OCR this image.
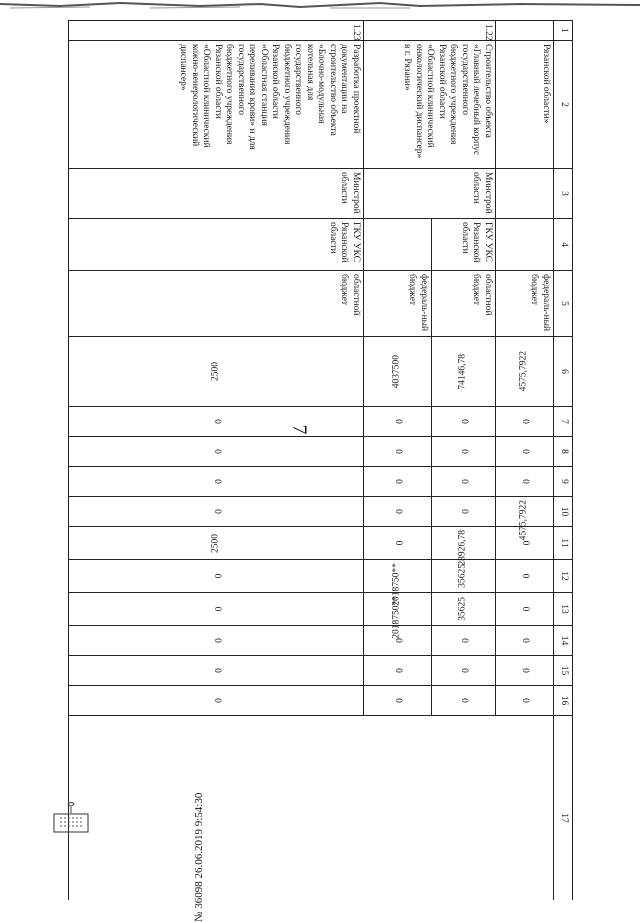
7
1	2	3	4	5	6	7	8	9	10	11	12	13	14	15	16	17
	Рязанской области»			федераль-ный бюджет	4575,7922	0	0	0	4575,7922	0	0	0	0	0	0	
1.22	Строительство объекта «Главный лечебный корпус государственного бюджетного учреждения Рязанской области «Областной клинический онкологический диспансер» в г. Рязани»	Минстрой области	ГКУ УКС Рязанской области	областной бюджет	74146,78	0	0	0	0	28926,78	35625	35625	0	0	0	
				федераль-ный бюджет	4037500	0	0	0	0	0	2018750**	2018750**	0	0	0	
1.23	Разработка проектной документации на строительство объекта «Блочно-модульная котельная для государственного бюджетного учреждения Рязанской области «Областная станция переливания крови» и для государственного бюджетного учреждения Рязанской области «Областной клинический кожно-венерологический диспансер»	Минстрой области	ГКУ УКС Рязанской области	областной бюджет	2500	0	0	0	0	2500	0	0	0	0	0	
№ 36098 26.06.2019 9:54:30
